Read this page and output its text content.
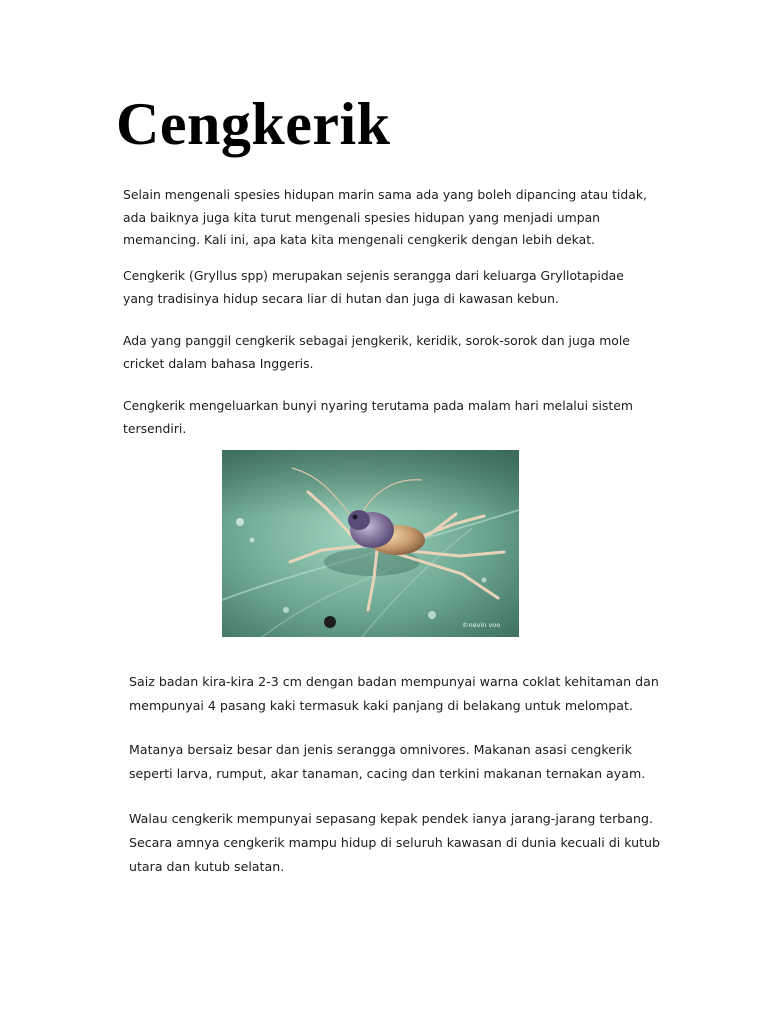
Cengkerik

Selain mengenali spesies hidupan marin sama ada yang boleh dipancing atau tidak,
ada baiknya juga kita turut mengenali spesies hidupan yang menjadi umpan
memancing. Kali ini, apa kata kita mengenali cengkerik dengan lebih dekat.

Cengkerik (Gryllus spp) merupakan sejenis serangga dari keluarga Gryllotapidae
yang tradisinya hidup secara liar di hutan dan juga di kawasan kebun.

Ada yang panggil cengkerik sebagai jengkerik, keridik, sorok-sorok dan juga mole
cricket dalam bahasa Inggeris.

Cengkerik mengeluarkan bunyi nyaring terutama pada malam hari melalui sistem
tersendiri.

©nevin voo

Saiz badan kira-kira 2-3 cm dengan badan mempunyai warna coklat kehitaman dan
mempunyai 4 pasang kaki termasuk kaki panjang di belakang untuk melompat.

Matanya bersaiz besar dan jenis serangga omnivores. Makanan asasi cengkerik
seperti larva, rumput, akar tanaman, cacing dan terkini makanan ternakan ayam.

Walau cengkerik mempunyai sepasang kepak pendek ianya jarang-jarang terbang.
Secara amnya cengkerik mampu hidup di seluruh kawasan di dunia kecuali di kutub
utara dan kutub selatan.
